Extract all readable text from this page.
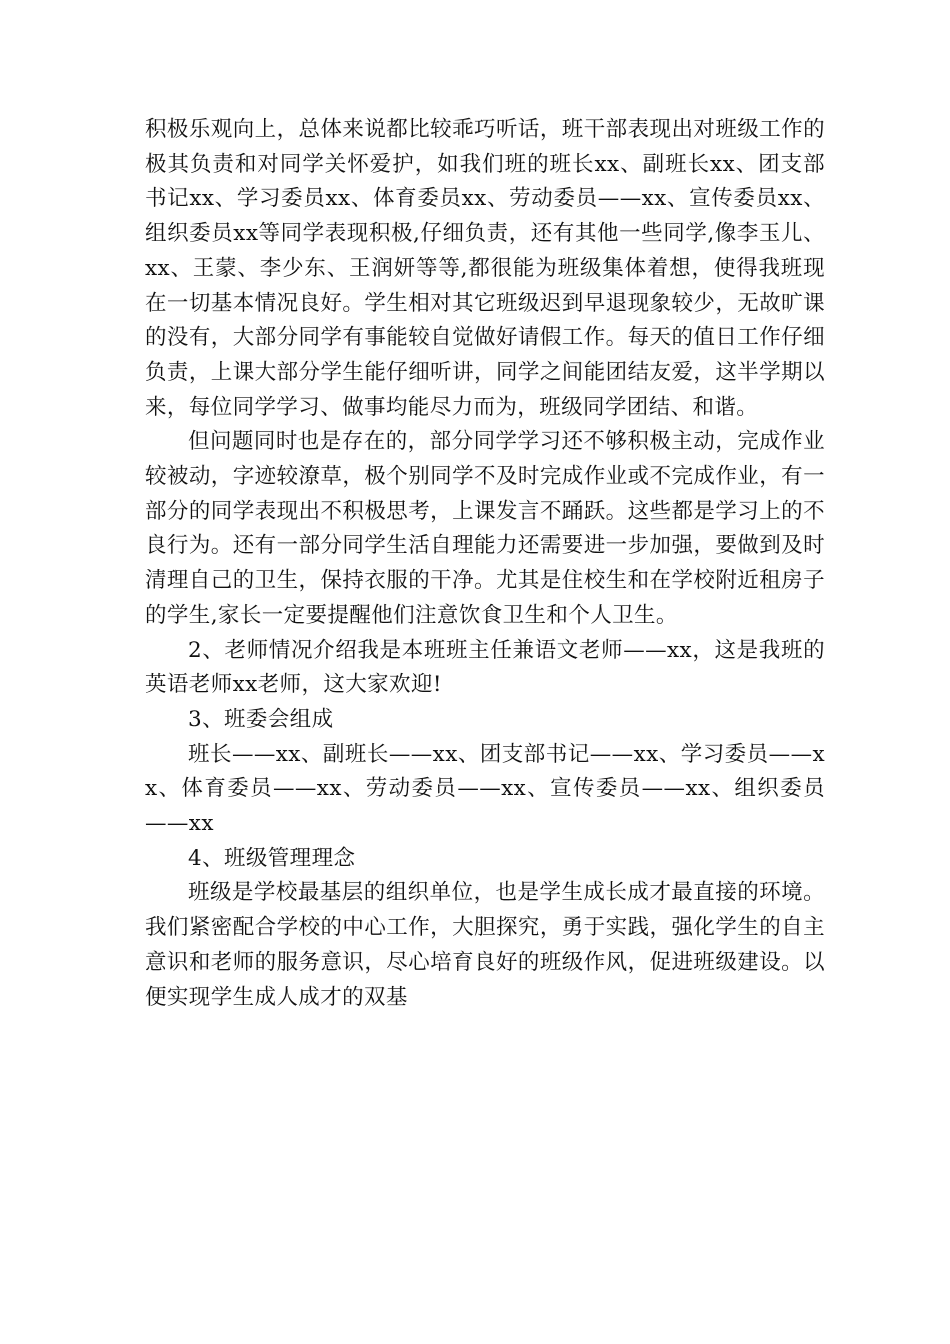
积极乐观向上，总体来说都比较乖巧听话，班干部表现出对班级工作的极其负责和对同学关怀爱护，如我们班的班长xx、副班长xx、团支部书记xx、学习委员xx、体育委员xx、劳动委员——xx、宣传委员xx、组织委员xx等同学表现积极,仔细负责，还有其他一些同学,像李玉儿、xx、王蒙、李少东、王润妍等等,都很能为班级集体着想，使得我班现在一切基本情况良好。学生相对其它班级迟到早退现象较少，无故旷课的没有，大部分同学有事能较自觉做好请假工作。每天的值日工作仔细负责，上课大部分学生能仔细听讲，同学之间能团结友爱，这半学期以来，每位同学学习、做事均能尽力而为，班级同学团结、和谐。

但问题同时也是存在的，部分同学学习还不够积极主动，完成作业较被动，字迹较潦草，极个别同学不及时完成作业或不完成作业，有一部分的同学表现出不积极思考，上课发言不踊跃。这些都是学习上的不良行为。还有一部分同学生活自理能力还需要进一步加强，要做到及时清理自己的卫生，保持衣服的干净。尤其是住校生和在学校附近租房子的学生,家长一定要提醒他们注意饮食卫生和个人卫生。

2、老师情况介绍我是本班班主任兼语文老师——xx，这是我班的英语老师xx老师，这大家欢迎!

3、班委会组成

班长——xx、副班长——xx、团支部书记——xx、学习委员——xx、体育委员——xx、劳动委员——xx、宣传委员——xx、组织委员——xx

4、班级管理理念

班级是学校最基层的组织单位，也是学生成长成才最直接的环境。我们紧密配合学校的中心工作，大胆探究，勇于实践，强化学生的自主意识和老师的服务意识，尽心培育良好的班级作风，促进班级建设。以便实现学生成人成才的双基
